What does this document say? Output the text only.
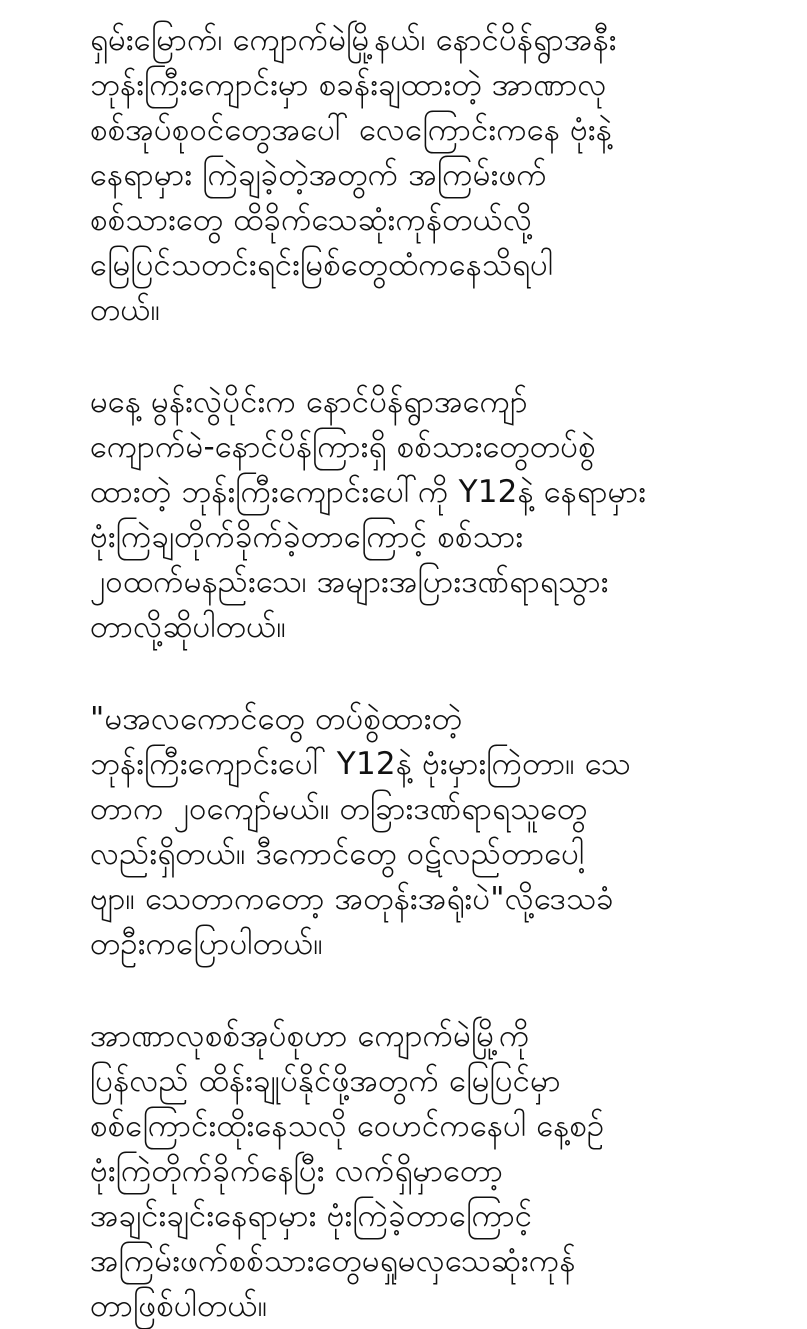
ရှမ်းမြောက်၊ ကျောက်မဲမြို့နယ်၊ နောင်ပိန်ရွာအနီး
ဘုန်းကြီးကျောင်းမှာ စခန်းချထားတဲ့ အာဏာလု
စစ်အုပ်စုဝင်တွေအပေါ် လေကြောင်းကနေ ဗုံးနဲ့
နေရာမှား ကြဲချခဲ့တဲ့အတွက် အကြမ်းဖက်
စစ်သားတွေ ထိခိုက်သေဆုံးကုန်တယ်လို့
မြေပြင်သတင်းရင်းမြစ်တွေထံကနေသိရပါ
တယ်။
မနေ့ မွန်းလွဲပိုင်းက နောင်ပိန်ရွာအကျော်
ကျောက်မဲ-နောင်ပိန်ကြားရှိ စစ်သားတွေတပ်စွဲ
ထားတဲ့ ဘုန်းကြီးကျောင်းပေါ်ကို Y12နဲ့ နေရာမှား
ဗုံးကြဲချတိုက်ခိုက်ခဲ့တာကြောင့် စစ်သား
၂၀ထက်မနည်းသေ၊ အများအပြားဒဏ်ရာရသွား
တာလို့ဆိုပါတယ်။
"မအလကောင်တွေ တပ်စွဲထားတဲ့
ဘုန်းကြီးကျောင်းပေါ် Y12နဲ့ ဗုံးမှားကြဲတာ။ သေ
တာက ၂၀ကျော်မယ်။ တခြားဒဏ်ရာရသူတွေ
လည်းရှိတယ်။ ဒီကောင်တွေ ဝဋ်လည်တာပေါ့
ဗျာ။ သေတာကတော့ အတုန်းအရုံးပဲ"လို့ဒေသခံ
တဦးကပြောပါတယ်။
အာဏာလုစစ်အုပ်စုဟာ ကျောက်မဲမြို့ကို
ပြန်လည် ထိန်းချုပ်နိုင်ဖို့အတွက် မြေပြင်မှာ
စစ်ကြောင်းထိုးနေသလို ဝေဟင်ကနေပါ နေ့စဉ်
ဗုံးကြဲတိုက်ခိုက်နေပြီး လက်ရှိမှာတော့
အချင်းချင်းနေရာမှား ဗုံးကြဲခဲ့တာကြောင့်
အကြမ်းဖက်စစ်သားတွေမရှုမလှသေဆုံးကုန်
တာဖြစ်ပါတယ်။
